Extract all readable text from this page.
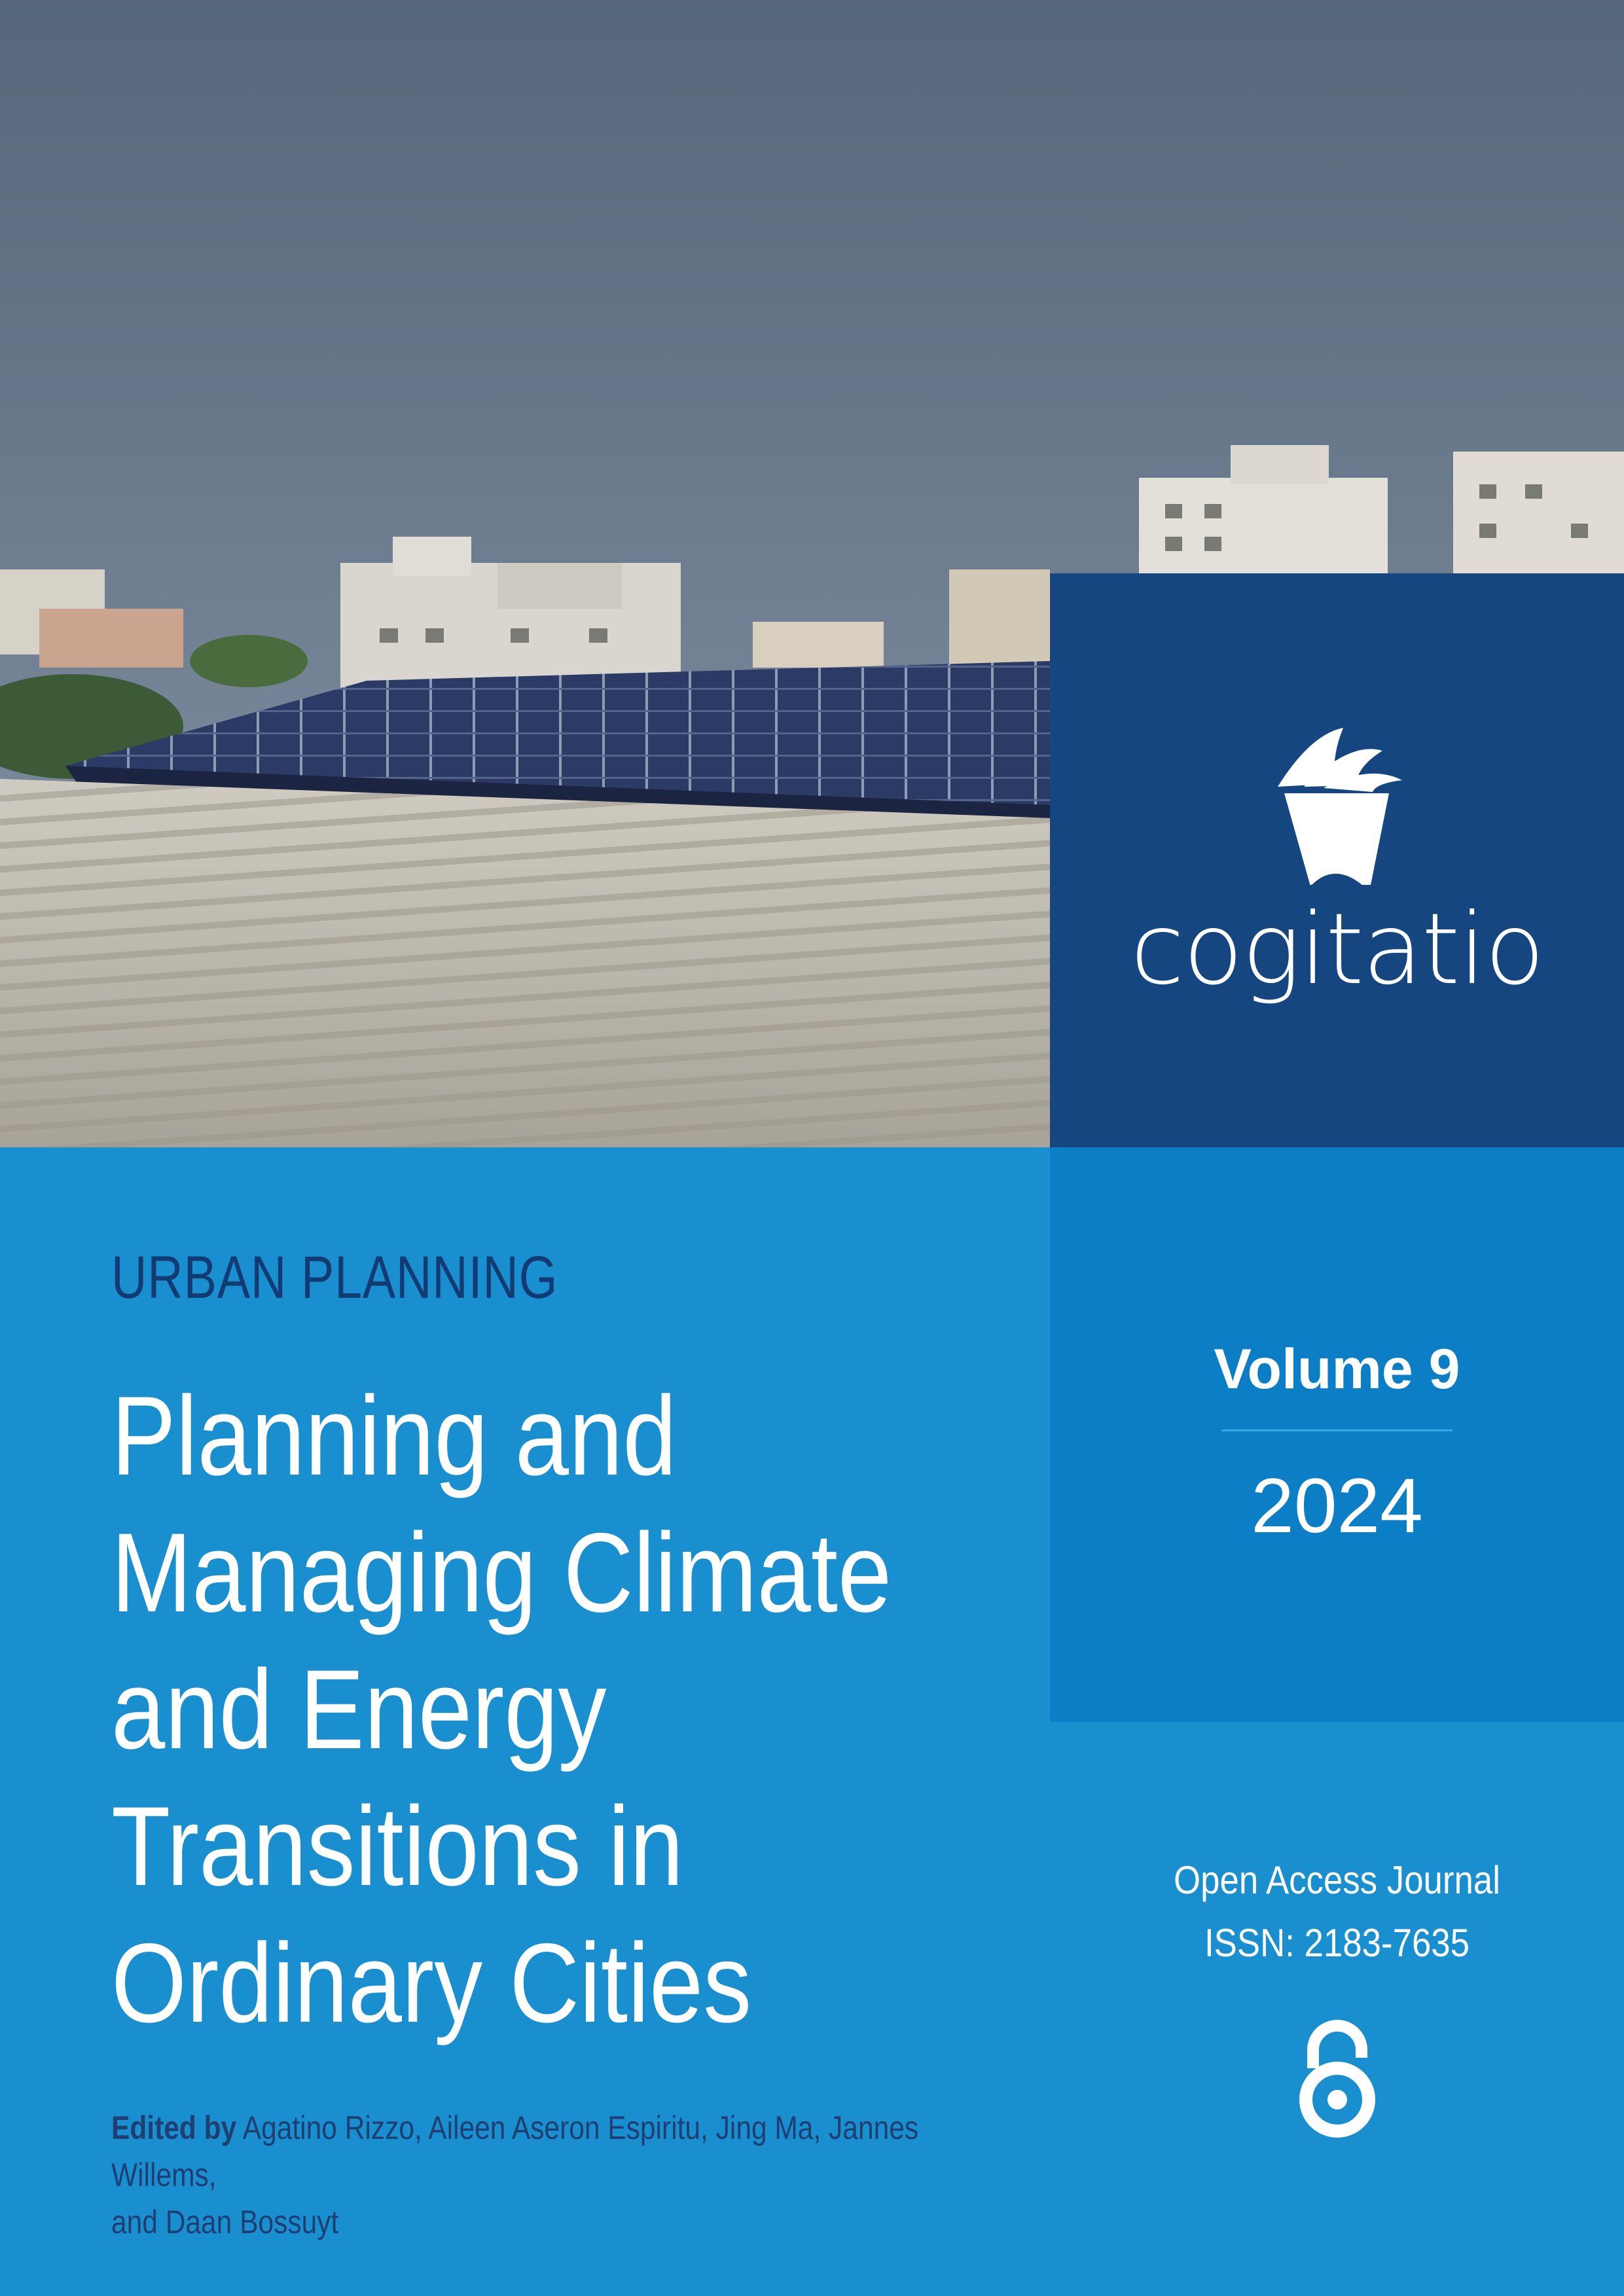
cogitatio
Volume 9
2024
URBAN PLANNING
Planning and
Managing Climate
and Energy
Transitions in
Ordinary Cities
Edited by Agatino Rizzo, Aileen Aseron Espiritu, Jing Ma, Jannes Willems,
and Daan Bossuyt
Open Access Journal
ISSN: 2183-7635
